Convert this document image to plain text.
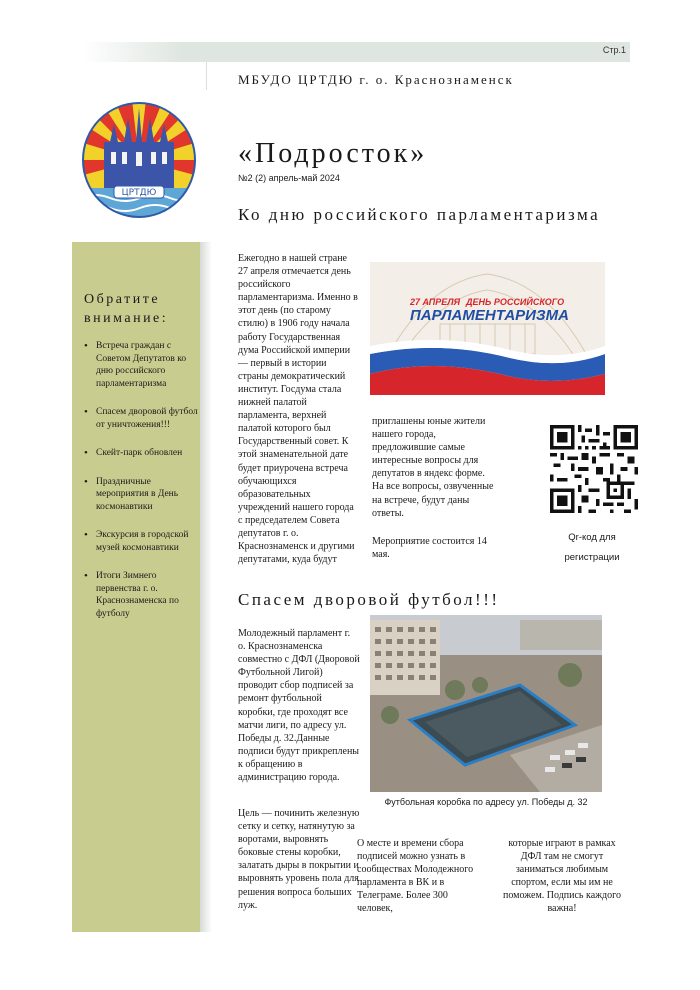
Стр.1
МБУДО ЦРТДЮ г. о. Краснознаменск
ЦРТДЮ
«Подросток»
№2 (2) апрель-май 2024
Обратите внимание:
• Встреча граждан с Советом Депутатов ко дню российского парламентаризма
• Спасем дворовой футбол от уничтожения!!!
• Скейт-парк обновлен
• Праздничные мероприятия в День космонавтики
• Экскурсия в городской музей космонавтики
• Итоги Зимнего первенства г. о. Краснознаменска по футболу
Ко дню российского парламентаризма

Ежегодно в нашей стране 27 апреля отмечается день российского парламентаризма. Именно в этот день (по старому стилю) в 1906 году начала работу Государственная дума Российской империи — первый в истории страны демократический институт. Госдума стала нижней палатой парламента, верхней палатой которого был Государственный совет. К этой знаменательной дате будет приурочена встреча обучающихся образовательных учреждений нашего города с председателем Совета депутатов г. о. Краснознаменск и другими депутатами, куда будут

27 АПРЕЛЯ ДЕНЬ РОССИЙСКОГО
ПАРЛАМЕНТАРИЗМА

приглашены юные жители нашего города, предложившие самые интересные вопросы для депутатов в яндекс форме. На все вопросы, озвученные на встрече, будут даны ответы.

Мероприятие состоится 14 мая.

Qr-код для
регистрации
Спасем дворовой футбол!!!

Молодежный парламент г. о. Краснознаменска совместно с ДФЛ (Дворовой Футбольной Лигой) проводит сбор подписей за ремонт футбольной коробки, где проходят все матчи лиги, по адресу ул. Победы д. 32.Данные подписи будут прикреплены к обращению в администрацию города.

Футбольная коробка по адресу ул. Победы д. 32

Цель — починить железную сетку и сетку, натянутую за воротами, выровнять боковые стены коробки, залатать дыры в покрытии и выровнять уровень пола для решения вопроса больших луж.

О месте и времени сбора подписей можно узнать в сообществах Молодежного парламента в ВК и в Телеграме. Более 300 человек,

которые играют в рамках ДФЛ там не смогут заниматься любимым спортом, если мы им не поможем. Подпись каждого важна!
